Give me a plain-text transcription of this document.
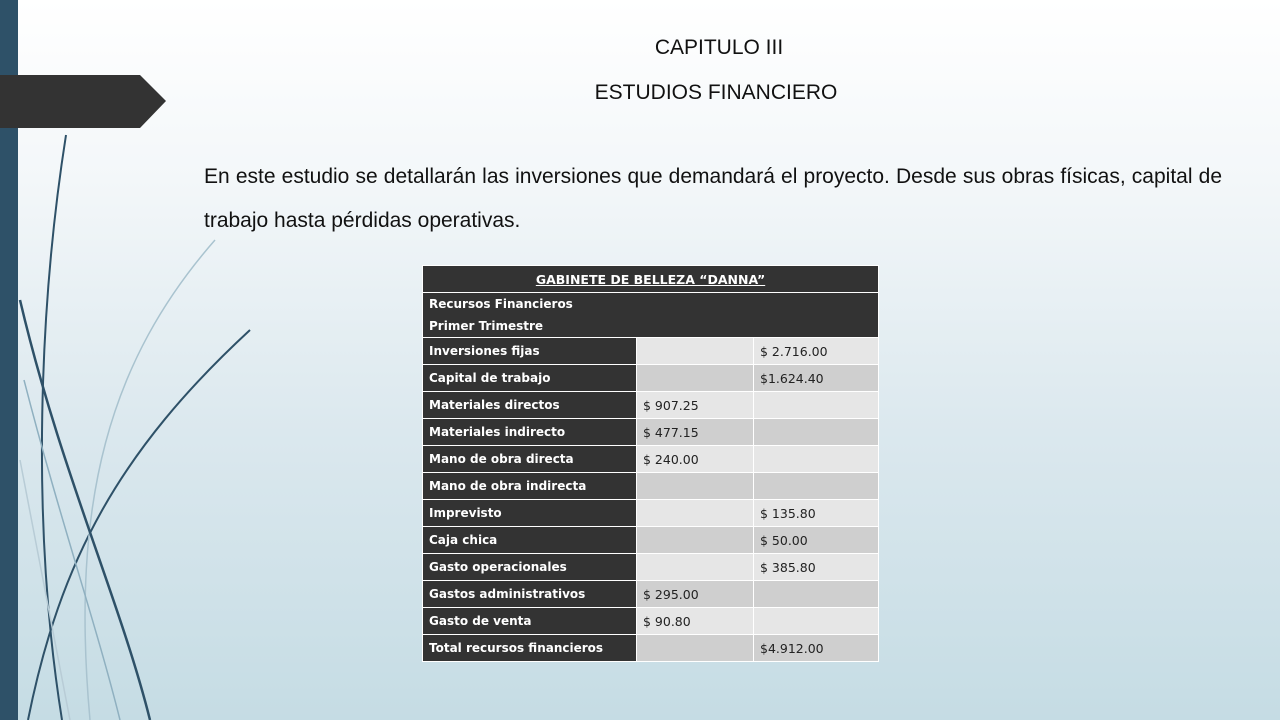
CAPITULO III
ESTUDIOS FINANCIERO
En este estudio se detallarán las inversiones que demandará el proyecto. Desde sus obras físicas, capital de trabajo hasta pérdidas operativas.
GABINETE DE BELLEZA “DANNA”		

Recursos Financieros
Primer Trimestre		

Inversiones fijas		$ 2.716.00
Capital de trabajo		$1.624.40
Materiales directos	$ 907.25	
Materiales indirecto	$ 477.15	
Mano de obra directa	$ 240.00	
Mano de obra indirecta		
Imprevisto		$ 135.80
Caja chica		$ 50.00
Gasto operacionales		$ 385.80
Gastos administrativos	$ 295.00	
Gasto de venta	$ 90.80	
Total recursos financieros		$4.912.00
